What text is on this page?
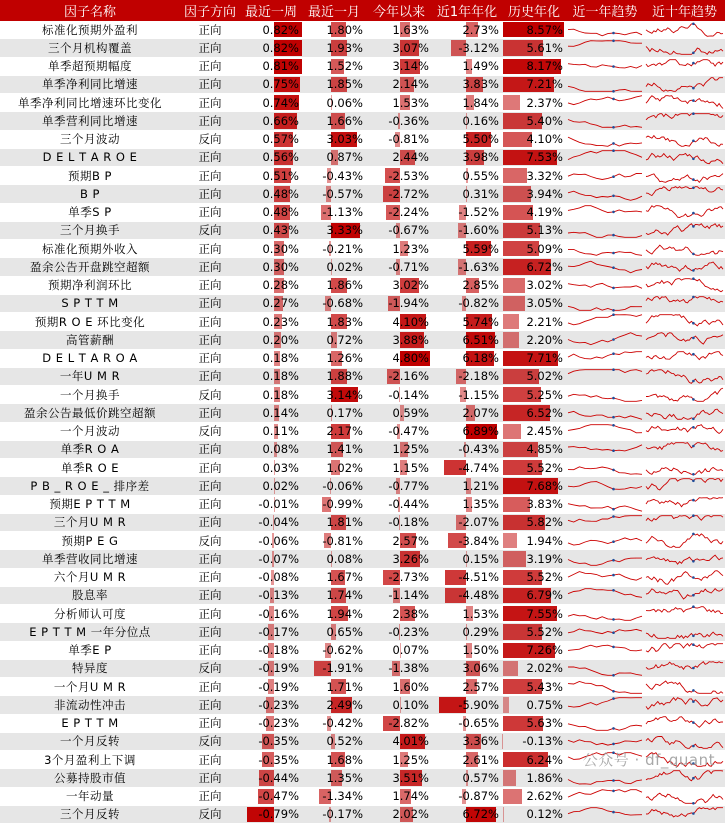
因子名称	因子方向	最近一周	最近一月	今年以来	近1年年化	历史年化	近一年趋势	近十年趋势
标准化预期外盈利	正向	0.82%	1.80%	1.63%	2.73%	8.57%	

三个月机构覆盖	正向	0.82%	1.93%	3.07%	-3.12%	5.61%	

单季超预期幅度	正向	0.81%	1.52%	3.14%	1.49%	8.17%	

单季净利同比增速	正向	0.75%	1.85%	2.14%	3.83%	7.21%	

单季净利同比增速环比变化	正向	0.74%	0.06%	1.53%	1.84%	2.37%	

单季营利同比增速	正向	0.66%	1.66%	-0.36%	0.16%	5.40%	

三个月波动	反向	0.57%	3.03%	-0.81%	5.50%	4.10%	

D E L T A R O E	正向	0.56%	0.87%	2.44%	3.98%	7.53%	

预期B P	正向	0.51%	-0.43%	-2.53%	0.55%	3.32%	

B P	正向	0.48%	-0.57%	-2.72%	0.31%	3.94%	

单季S P	正向	0.48%	-1.13%	-2.24%	-1.52%	4.19%	

三个月换手	反向	0.43%	3.33%	-0.67%	-1.60%	5.13%	

标准化预期外收入	正向	0.30%	-0.21%	1.23%	5.59%	5.09%	

盈余公告开盘跳空超额	正向	0.30%	0.02%	-0.71%	-1.63%	6.72%	

预期净利润环比	正向	0.28%	1.86%	3.02%	2.85%	3.02%	

S P T T M	正向	0.27%	-0.68%	-1.94%	-0.82%	3.05%	

预期R O E 环比变化	正向	0.23%	1.83%	4.10%	5.74%	2.21%	

高管薪酬	正向	0.20%	0.72%	3.88%	6.51%	2.20%	

D E L T A R O A	正向	0.18%	1.26%	4.80%	6.18%	7.71%	

一年U M R	正向	0.18%	1.88%	-2.16%	-2.18%	5.02%	

一个月换手	反向	0.18%	3.14%	-0.14%	-1.15%	5.25%	

盈余公告最低价跳空超额	正向	0.14%	0.17%	0.59%	2.07%	6.52%	

一个月波动	反向	0.11%	2.17%	-0.47%	6.89%	2.45%	

单季R O A	正向	0.08%	1.41%	1.25%	-0.43%	4.85%	

单季R O E	正向	0.03%	1.02%	1.15%	-4.74%	5.52%	

P B _ R O E _ 排序差	正向	0.02%	-0.06%	-0.77%	1.21%	7.68%	

预期E P T T M	正向	-0.01%	-0.99%	-0.44%	1.35%	3.83%	

三个月U M R	正向	-0.04%	1.81%	-0.18%	-2.07%	5.82%	

预期P E G	反向	-0.06%	-0.81%	2.57%	-3.84%	1.94%	

单季营收同比增速	正向	-0.07%	0.08%	3.26%	0.15%	3.19%	

六个月U M R	正向	-0.08%	1.67%	-2.73%	-4.51%	5.52%	

股息率	正向	-0.13%	1.74%	-1.14%	-4.48%	6.79%	

分析师认可度	正向	-0.16%	1.94%	2.38%	1.53%	7.55%	

E P T T M 一年分位点	正向	-0.17%	0.65%	-0.23%	0.29%	5.52%	

单季E P	正向	-0.18%	-0.62%	0.07%	1.50%	7.26%	

特异度	反向	-0.19%	-1.91%	-1.38%	3.06%	2.02%	

一个月U M R	正向	-0.19%	1.71%	1.60%	2.57%	5.43%	

非流动性冲击	正向	-0.23%	2.49%	0.10%	-5.90%	0.75%	

E P T T M	正向	-0.23%	-0.42%	-2.82%	-0.65%	5.63%	

一个月反转	反向	-0.35%	0.52%	4.01%	3.36%	-0.13%	

3个月盈利上下调	正向	-0.35%	1.68%	1.25%	2.61%	6.24%	

公募持股市值	正向	-0.44%	1.35%	3.51%	0.57%	1.86%	

一年动量	正向	-0.47%	-1.34%	1.74%	-0.87%	2.62%	

三个月反转	反向	-0.79%	-0.17%	2.02%	6.72%	0.12%	

公众号 · df_quant
